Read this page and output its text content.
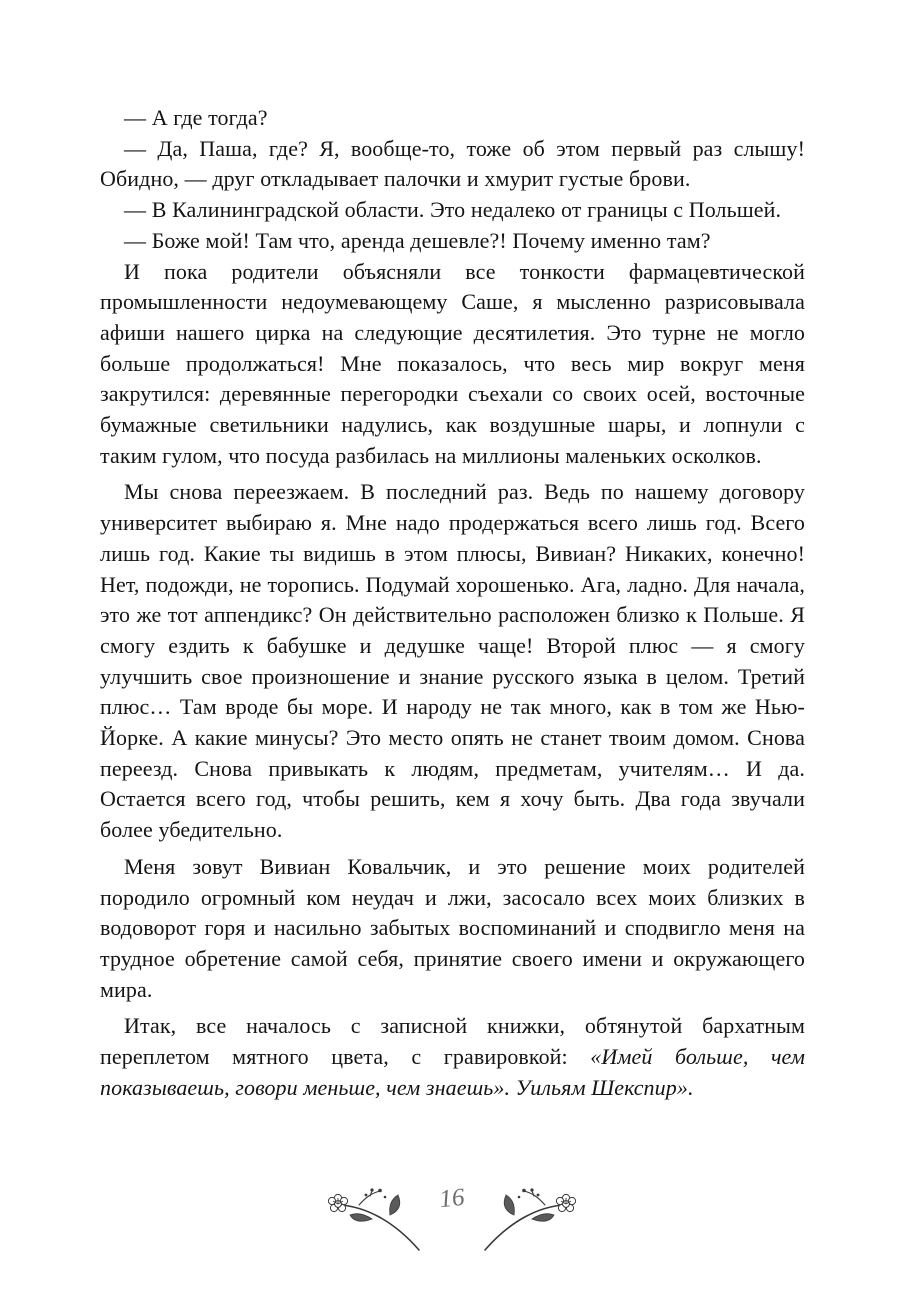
— А где тогда?

— Да, Паша, где? Я, вообще-то, тоже об этом первый раз слышу! Обидно, — друг откладывает палочки и хмурит густые брови.

— В Калининградской области. Это недалеко от границы с Польшей.

— Боже мой! Там что, аренда дешевле?! Почему именно там?

И пока родители объясняли все тонкости фармацевтической промышленности недоумевающему Саше, я мысленно разрисовывала афиши нашего цирка на следующие десятилетия. Это турне не могло больше продолжаться! Мне показалось, что весь мир вокруг меня закрутился: деревянные перегородки съехали со своих осей, восточные бумажные светильники надулись, как воздушные шары, и лопнули с таким гулом, что посуда разбилась на миллионы маленьких осколков.

Мы снова переезжаем. В последний раз. Ведь по нашему договору университет выбираю я. Мне надо продержаться всего лишь год. Всего лишь год. Какие ты видишь в этом плюсы, Вивиан? Никаких, конечно! Нет, подожди, не торопись. Подумай хорошенько. Ага, ладно. Для начала, это же тот аппендикс? Он действительно расположен близко к Польше. Я смогу ездить к бабушке и дедушке чаще! Второй плюс — я смогу улучшить свое произношение и знание русского языка в целом. Третий плюс… Там вроде бы море. И народу не так много, как в том же Нью-Йорке. А какие минусы? Это место опять не станет твоим домом. Снова переезд. Снова привыкать к людям, предметам, учителям… И да. Остается всего год, чтобы решить, кем я хочу быть. Два года звучали более убедительно.

Меня зовут Вивиан Ковальчик, и это решение моих родителей породило огромный ком неудач и лжи, засосало всех моих близких в водоворот горя и насильно забытых воспоминаний и сподвигло меня на трудное обретение самой себя, принятие своего имени и окружающего мира.

Итак, все началось с записной книжки, обтянутой бархатным переплетом мятного цвета, с гравировкой: «Имей больше, чем показываешь, говори меньше, чем знаешь». Уильям Шекспир».

16
